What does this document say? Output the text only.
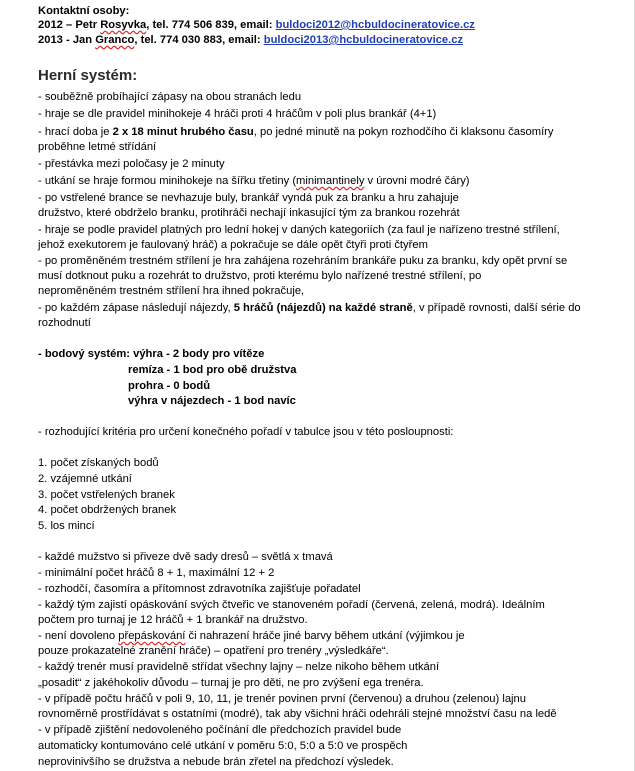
Kontaktní osoby:
2012 – Petr Rosyvka, tel. 774 506 839, email: buldoci2012@hcbuldocineratovice.cz
2013 - Jan Granco, tel. 774 030 883, email: buldoci2013@hcbuldocineratovice.cz
Herní systém:
- souběžně probíhající zápasy na obou stranách ledu
- hraje se dle pravidel minihokeje 4 hráči proti 4 hráčům v poli plus brankář (4+1)
- hrací doba je 2 x 18 minut hrubého času, po jedné minutě na pokyn rozhodčího či klaksonu časomíry
proběhne letmé střídání
- přestávka mezi poločasy je 2 minuty
- utkání se hraje formou minihokeje na šířku třetiny (minimantinely v úrovni modré čáry)
- po vstřelené brance se nevhazuje buly, brankář vyndá puk za branku a hru zahajuje
družstvo, které obdrželo branku, protihráči nechají inkasující tým za brankou rozehrát
- hraje se podle pravidel platných pro lední hokej v daných kategoriích (za faul je nařízeno trestné střílení,
jehož exekutorem je faulovaný hráč) a pokračuje se dále opět čtyři proti čtyřem
- po proměněném trestném střílení je hra zahájena rozehráním brankáře puku za branku, kdy opět první se
musí dotknout puku a rozehrát to družstvo, proti kterému bylo nařízené trestné střílení, po
neproměněném trestném střílení hra ihned pokračuje,
- po každém zápase následují nájezdy, 5 hráčů (nájezdů) na každé straně, v případě rovnosti, další série do
rozhodnutí
- bodový systém: výhra - 2 body pro vítěze
remíza - 1 bod pro obě družstva
prohra - 0 bodů
výhra v nájezdech - 1 bod navíc
- rozhodující kritéria pro určení konečného pořadí v tabulce jsou v této posloupnosti:
1. počet získaných bodů
2. vzájemné utkání
3. počet vstřelených branek
4. počet obdržených branek
5. los mincí
- každé mužstvo si přiveze dvě sady dresů – světlá x tmavá
- minimální počet hráčů 8 + 1, maximální 12 + 2
- rozhodčí, časomíra a přítomnost zdravotníka zajišťuje pořadatel
- každý tým zajistí opáskování svých čtveřic ve stanoveném pořadí (červená, zelená, modrá). Ideálním
počtem pro turnaj je 12 hráčů + 1 brankář na družstvo.
- není dovoleno přepáskování či nahrazení hráče jiné barvy během utkání (výjimkou je
pouze prokazatelné zranění hráče) – opatření pro trenéry „výsledkáře“.
- každý trenér musí pravidelně střídat všechny lajny – nelze nikoho během utkání
„posadit“ z jakéhokoliv důvodu – turnaj je pro děti, ne pro zvýšení ega trenéra.
- v případě počtu hráčů v poli 9, 10, 11, je trenér povinen první (červenou) a druhou (zelenou) lajnu
rovnoměrně prostřídávat s ostatními (modré), tak aby všichni hráči odehráli stejné množství času na ledě
- v případě zjištění nedovoleného počínání dle předchozích pravidel bude
automaticky kontumováno celé utkání v poměru 5:0, 5:0 a 5:0 ve prospěch
neprovinivšího se družstva a nebude brán zřetel na předchozí výsledek.
